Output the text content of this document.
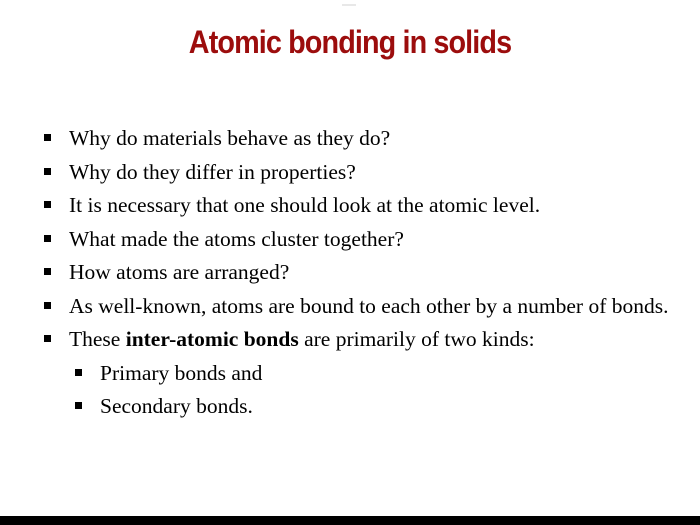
Atomic bonding in solids
Why do materials behave as they do?
Why do they differ in properties?
It is necessary that one should look at the atomic level.
What made the atoms cluster together?
How atoms are arranged?
As well-known, atoms are bound to each other by a number of bonds.
These inter-atomic bonds are primarily of two kinds:
Primary bonds and
Secondary bonds.
